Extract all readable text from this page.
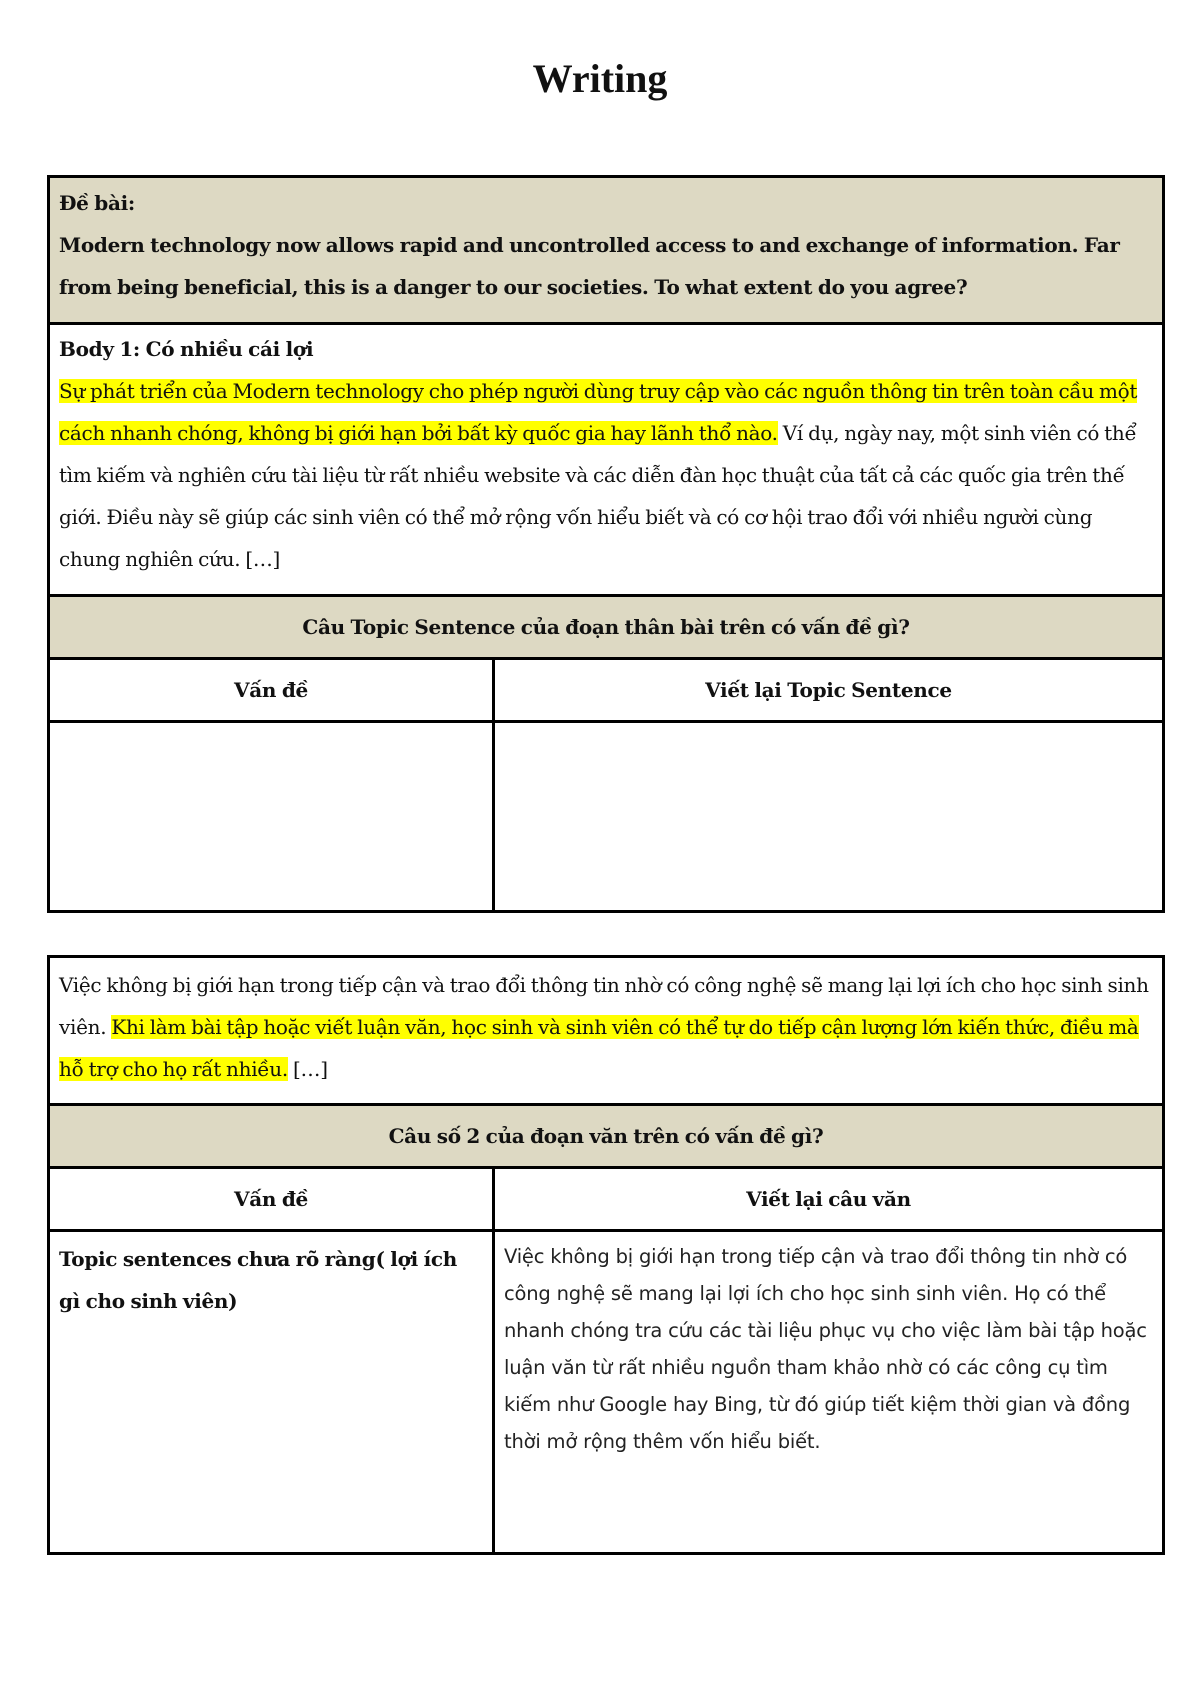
Writing
Đề bài:
Modern technology now allows rapid and uncontrolled access to and exchange of information. Far from being beneficial, this is a danger to our societies. To what extent do you agree?	

Body 1: Có nhiều cái lợi
Sự phát triển của Modern technology cho phép người dùng truy cập vào các nguồn thông tin trên toàn cầu một cách nhanh chóng, không bị giới hạn bởi bất kỳ quốc gia hay lãnh thổ nào. Ví dụ, ngày nay, một sinh viên có thể tìm kiếm và nghiên cứu tài liệu từ rất nhiều website và các diễn đàn học thuật của tất cả các quốc gia trên thế giới. Điều này sẽ giúp các sinh viên có thể mở rộng vốn hiểu biết và có cơ hội trao đổi với nhiều người cùng chung nghiên cứu. […]	

Câu Topic Sentence của đoạn thân bài trên có vấn đề gì?	
Vấn đề	Viết lại Topic Sentence

Việc không bị giới hạn trong tiếp cận và trao đổi thông tin nhờ có công nghệ sẽ mang lại lợi ích cho học sinh sinh viên. Khi làm bài tập hoặc viết luận văn, học sinh và sinh viên có thể tự do tiếp cận lượng lớn kiến thức, điều mà hỗ trợ cho họ rất nhiều. […]	
Câu số 2 của đoạn văn trên có vấn đề gì?	
Vấn đề	Viết lại câu văn

Topic sentences chưa rõ ràng( lợi ích gì cho sinh viên)	Việc không bị giới hạn trong tiếp cận và trao đổi thông tin nhờ có công nghệ sẽ mang lại lợi ích cho học sinh sinh viên. Họ có thể nhanh chóng tra cứu các tài liệu phục vụ cho việc làm bài tập hoặc luận văn từ rất nhiều nguồn tham khảo nhờ có các công cụ tìm kiếm như Google hay Bing, từ đó giúp tiết kiệm thời gian và đồng thời mở rộng thêm vốn hiểu biết.
